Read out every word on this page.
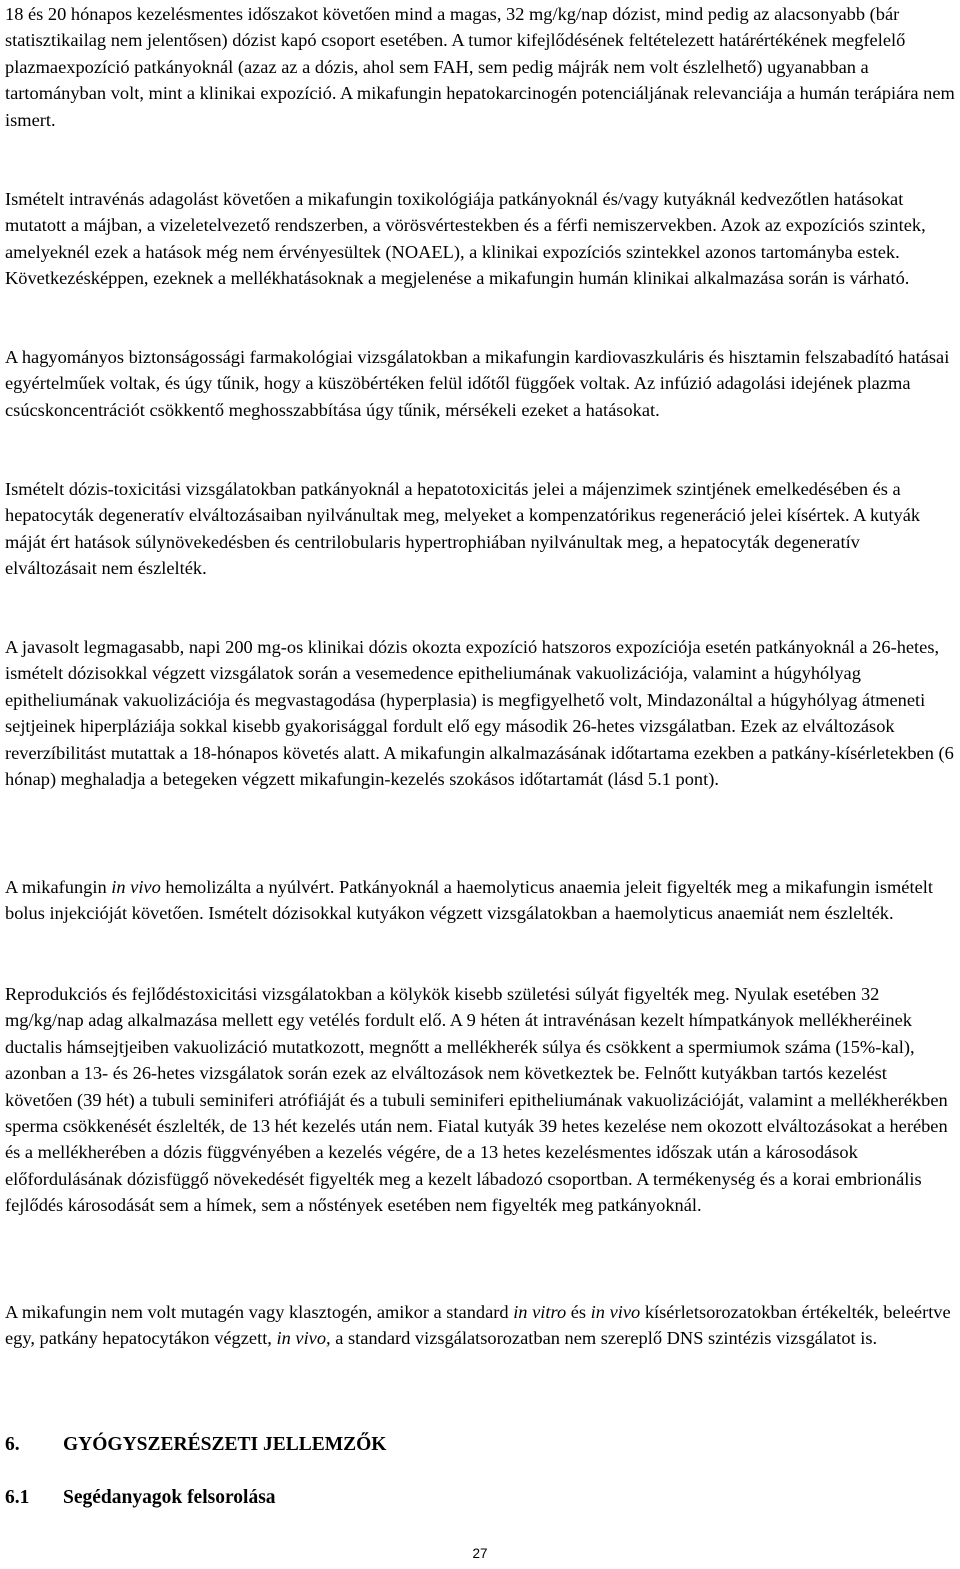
18 és 20 hónapos kezelésmentes időszakot követően mind a magas, 32 mg/kg/nap dózist, mind pedig az alacsonyabb (bár statisztikailag nem jelentősen) dózist kapó csoport esetében. A tumor kifejlődésének feltételezett határértékének megfelelő plazmaexpozíció patkányoknál (azaz az a dózis, ahol sem FAH, sem pedig májrák nem volt észlelhető) ugyanabban a tartományban volt, mint a klinikai expozíció. A mikafungin hepatokarcinogén potenciáljának relevanciája a humán terápiára nem ismert.

Ismételt intravénás adagolást követően a mikafungin toxikológiája patkányoknál és/vagy kutyáknál kedvezőtlen hatásokat mutatott a májban, a vizeletelvezető rendszerben, a vörösvértestekben és a férfi nemiszervekben. Azok az expozíciós szintek, amelyeknél ezek a hatások még nem érvényesültek (NOAEL), a klinikai expozíciós szintekkel azonos tartományba estek. Következésképpen, ezeknek a mellékhatásoknak a megjelenése a mikafungin humán klinikai alkalmazása során is várható.

A hagyományos biztonságossági farmakológiai vizsgálatokban a mikafungin kardiovaszkuláris és hisztamin felszabadító hatásai egyértelműek voltak, és úgy tűnik, hogy a küszöbértéken felül időtől függőek voltak. Az infúzió adagolási idejének plazma csúcskoncentrációt csökkentő meghosszabbítása úgy tűnik, mérsékeli ezeket a hatásokat.

Ismételt dózis-toxicitási vizsgálatokban patkányoknál a hepatotoxicitás jelei a májenzimek szintjének emelkedésében és a hepatocyták degeneratív elváltozásaiban nyilvánultak meg, melyeket a kompenzatórikus regeneráció jelei kísértek. A kutyák máját ért hatások súlynövekedésben és centrilobularis hypertrophiában nyilvánultak meg, a hepatocyták degeneratív elváltozásait nem észlelték.

A javasolt legmagasabb, napi 200 mg-os klinikai dózis okozta expozíció hatszoros expozíciója esetén patkányoknál a 26-hetes, ismételt dózisokkal végzett vizsgálatok során a vesemedence epitheliumának vakuolizációja, valamint a húgyhólyag epitheliumának vakuolizációja és megvastagodása (hyperplasia) is megfigyelhető volt, Mindazonáltal a húgyhólyag átmeneti sejtjeinek hiperpláziája sokkal kisebb gyakorisággal fordult elő egy második 26-hetes vizsgálatban. Ezek az elváltozások reverzíbilitást mutattak a 18-hónapos követés alatt. A mikafungin alkalmazásának időtartama ezekben a patkány-kísérletekben (6 hónap) meghaladja a betegeken végzett mikafungin-kezelés szokásos időtartamát (lásd 5.1 pont).

A mikafungin in vivo hemolizálta a nyúlvért. Patkányoknál a haemolyticus anaemia jeleit figyelték meg a mikafungin ismételt bolus injekcióját követően. Ismételt dózisokkal kutyákon végzett vizsgálatokban a haemolyticus anaemiát nem észlelték.

Reprodukciós és fejlődéstoxicitási vizsgálatokban a kölykök kisebb születési súlyát figyelték meg. Nyulak esetében 32 mg/kg/nap adag alkalmazása mellett egy vetélés fordult elő. A 9 héten át intravénásan kezelt hímpatkányok mellékheréinek ductalis hámsejtjeiben vakuolizáció mutatkozott, megnőtt a mellékherék súlya és csökkent a spermiumok száma (15%-kal), azonban a 13- és 26-hetes vizsgálatok során ezek az elváltozások nem következtek be. Felnőtt kutyákban tartós kezelést követően (39 hét) a tubuli seminiferi atrófiáját és a tubuli seminiferi epitheliumának vakuolizációját, valamint a mellékherékben sperma csökkenését észlelték, de 13 hét kezelés után nem. Fiatal kutyák 39 hetes kezelése nem okozott elváltozásokat a herében és a mellékherében a dózis függvényében a kezelés végére, de a 13 hetes kezelésmentes időszak után a károsodások előfordulásának dózisfüggő növekedését figyelték meg a kezelt lábadozó csoportban. A termékenység és a korai embrionális fejlődés károsodását sem a hímek, sem a nőstények esetében nem figyelték meg patkányoknál.

A mikafungin nem volt mutagén vagy klasztogén, amikor a standard in vitro és in vivo kísérletsorozatokban értékelték, beleértve egy, patkány hepatocytákon végzett, in vivo, a standard vizsgálatsorozatban nem szereplő DNS szintézis vizsgálatot is.

6. GYÓGYSZERÉSZETI JELLEMZŐK
6.1 Segédanyagok felsorolása
27
